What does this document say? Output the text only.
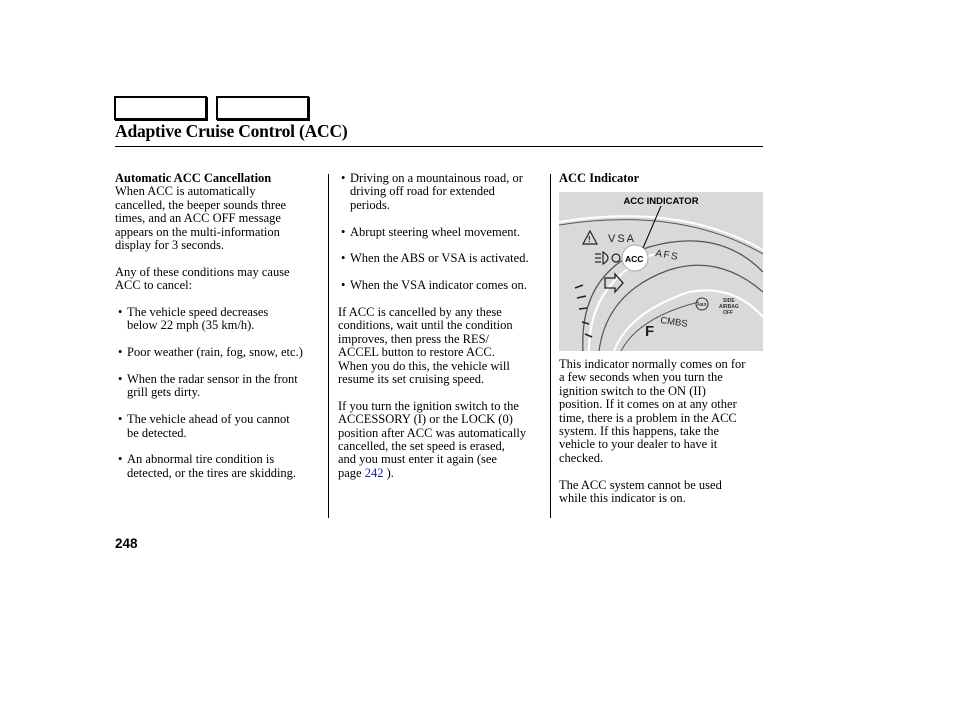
Adaptive Cruise Control (ACC)

Automatic ACC Cancellation

When ACC is automatically
cancelled, the beeper sounds three
times, and an ACC OFF message
appears on the multi-information
display for 3 seconds.

Any of these conditions may cause
ACC to cancel:

• The vehicle speed decreases
below 22 mph (35 km/h).

• Poor weather (rain, fog, snow, etc.)

• When the radar sensor in the front
grill gets dirty.

• The vehicle ahead of you cannot
be detected.

• An abnormal tire condition is
detected, or the tires are skidding.

• Driving on a mountainous road, or
driving off road for extended
periods.

• Abrupt steering wheel movement.

• When the ABS or VSA is activated.

• When the VSA indicator comes on.

If ACC is cancelled by any these
conditions, wait until the condition
improves, then press the RES/
ACCEL button to restore ACC.
When you do this, the vehicle will
resume its set cruising speed.

If you turn the ignition switch to the
ACCESSORY (I) or the LOCK (0)
position after ACC was automatically
cancelled, the set speed is erased,
and you must enter it again (see
page 242 ).

ACC Indicator

! VSA
AFS
ACC
ABS
SIDE
AIRBAG
OFF
CMBS
F
ACC INDICATOR

This indicator normally comes on for
a few seconds when you turn the
ignition switch to the ON (II)
position. If it comes on at any other
time, there is a problem in the ACC
system. If this happens, take the
vehicle to your dealer to have it
checked.

The ACC system cannot be used
while this indicator is on.

248
